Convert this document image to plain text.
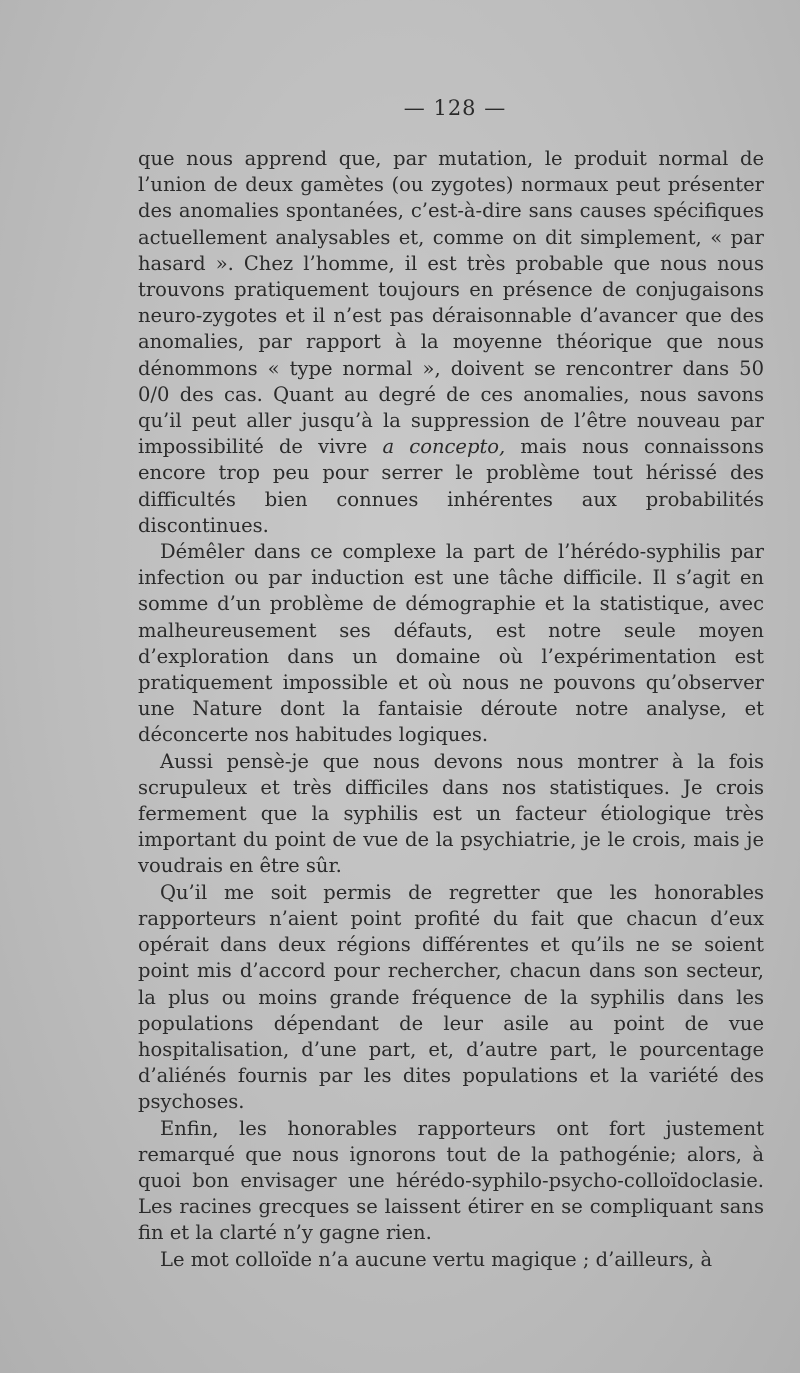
— 128 —

que nous apprend que, par mutation, le produit normal de l’union de deux gamètes (ou zygotes) normaux peut présenter des anomalies spontanées, c’est-à-dire sans causes spécifiques actuellement analysables et, comme on dit simplement, « par hasard ». Chez l’homme, il est très probable que nous nous trouvons pratiquement toujours en présence de conjugaisons neuro-zygotes et il n’est pas déraisonnable d’avancer que des anomalies, par rapport à la moyenne théorique que nous dénommons « type normal », doivent se rencontrer dans 50 0/0 des cas. Quant au degré de ces anomalies, nous savons qu’il peut aller jusqu’à la suppression de l’être nouveau par impossibilité de vivre a concepto, mais nous connaissons encore trop peu pour serrer le problème tout hérissé des difficultés bien connues inhérentes aux probabilités discontinues.

Démêler dans ce complexe la part de l’hérédo-syphilis par infection ou par induction est une tâche difficile. Il s’agit en somme d’un problème de démographie et la statistique, avec malheureusement ses défauts, est notre seule moyen d’exploration dans un domaine où l’expérimentation est pratiquement impossible et où nous ne pouvons qu’observer une Nature dont la fantaisie déroute notre analyse, et déconcerte nos habitudes logiques.

Aussi pensè-je que nous devons nous montrer à la fois scrupuleux et très difficiles dans nos statistiques. Je crois fermement que la syphilis est un facteur étiologique très important du point de vue de la psychiatrie, je le crois, mais je voudrais en être sûr.

Qu’il me soit permis de regretter que les honorables rapporteurs n’aient point profité du fait que chacun d’eux opérait dans deux régions différentes et qu’ils ne se soient point mis d’accord pour rechercher, chacun dans son secteur, la plus ou moins grande fréquence de la syphilis dans les populations dépendant de leur asile au point de vue hospitalisation, d’une part, et, d’autre part, le pourcentage d’aliénés fournis par les dites populations et la variété des psychoses.

Enfin, les honorables rapporteurs ont fort justement remarqué que nous ignorons tout de la pathogénie; alors, à quoi bon envisager une hérédo-syphilo-psycho-colloïdoclasie. Les racines grecques se laissent étirer en se compliquant sans fin et la clarté n’y gagne rien.

Le mot colloïde n’a aucune vertu magique ; d’ailleurs, à
